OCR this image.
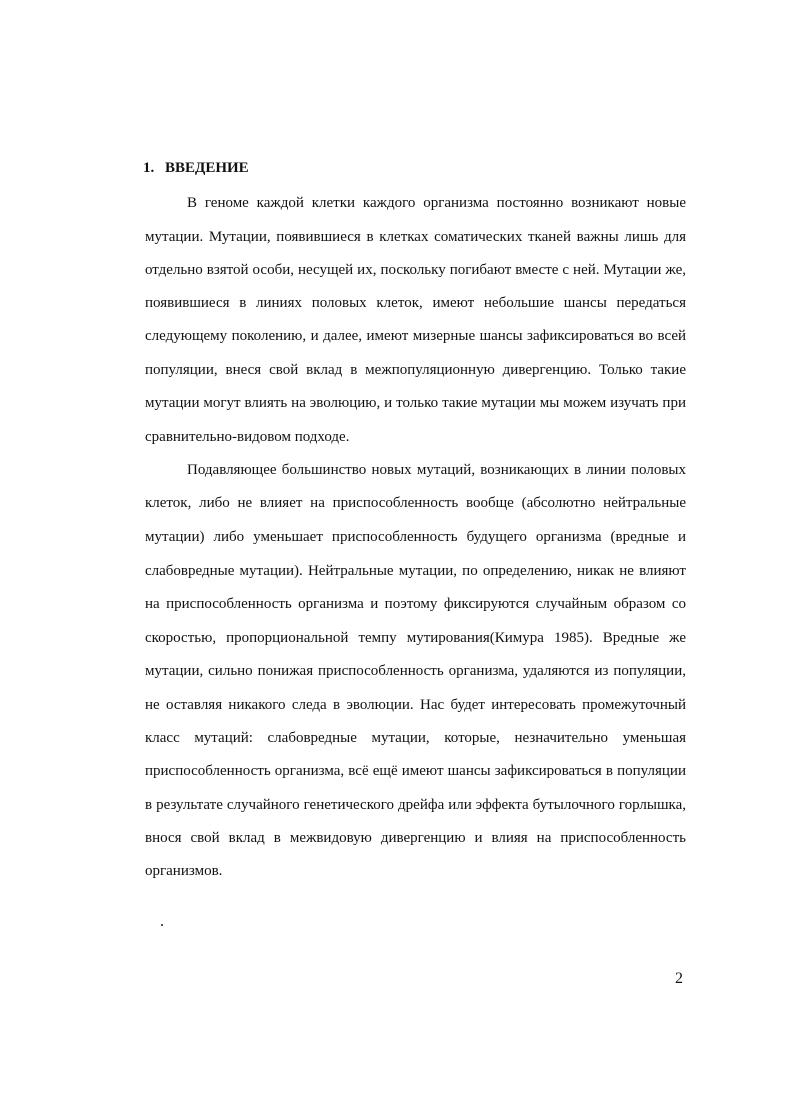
1. ВВЕДЕНИЕ
В геноме каждой клетки каждого организма постоянно возникают новые
мутации. Мутации, появившиеся в клетках соматических тканей важны лишь для
отдельно взятой особи, несущей их, поскольку погибают вместе с ней. Мутации же,
появившиеся в линиях половых клеток, имеют небольшие шансы передаться
следующему поколению, и далее, имеют мизерные шансы зафиксироваться во всей
популяции, внеся свой вклад в межпопуляционную дивергенцию. Только такие
мутации могут влиять на эволюцию, и только такие мутации мы можем изучать при
сравнительно-видовом подходе.
Подавляющее большинство новых мутаций, возникающих в линии половых
клеток, либо не влияет на приспособленность вообще (абсолютно нейтральные
мутации) либо уменьшает приспособленность будущего организма (вредные и
слабовредные мутации). Нейтральные мутации, по определению, никак не влияют
на приспособленность организма и поэтому фиксируются случайным образом со
скоростью, пропорциональной темпу мутирования(Кимура 1985). Вредные же
мутации, сильно понижая приспособленность организма, удаляются из популяции,
не оставляя никакого следа в эволюции. Нас будет интересовать промежуточный
класс мутаций: слабовредные мутации, которые, незначительно уменьшая
приспособленность организма, всё ещё имеют шансы зафиксироваться в популяции
в результате случайного генетического дрейфа или эффекта бутылочного горлышка,
внося свой вклад в межвидовую дивергенцию и влияя на приспособленность
организмов.
2
